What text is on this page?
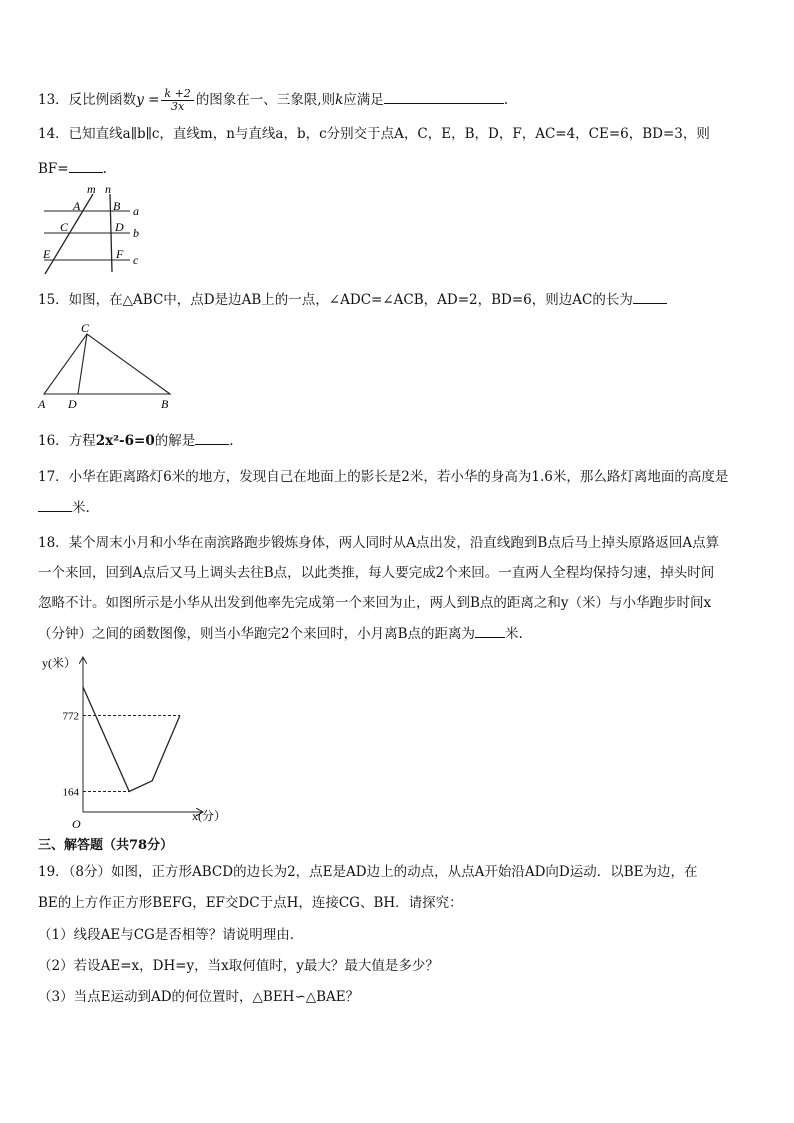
13．反比例函数$y = \frac{k +2}{3x}$ 的图象在一、三象限,则k应满足	.
14．已知直线a∥b∥c，直线m，n与直线a，b，c分别交于点A，C，E，B，D，F，AC=4，CE=6，BD=3，则
BF=	.
m n
A	B a
C	D b
E	F c
15．如图，在△ABC中，点D是边AB上的一点，∠ADC=∠ACB，AD=2，BD=6，则边AC的长为
C
A D	B
16．方程2x²-6=0的解是	.
17．小华在距离路灯6米的地方，发现自己在地面上的影长是2米，若小华的身高为1.6米，那么路灯离地面的高度是
米.
18．某个周末小月和小华在南滨路跑步锻炼身体，两人同时从A点出发，沿直线跑到B点后马上掉头原路返回A点算
一个来回，回到A点后又马上调头去往B点，以此类推，每人要完成2个来回。一直两人全程均保持匀速，掉头时间
忽略不计。如图所示是小华从出发到他率先完成第一个来回为止，两人到B点的距离之和y（米）与小华跑步时间x
（分钟）之间的函数图像，则当小华跑完2个来回时，小月离B点的距离为 米.
772
164
y(米）
x(分）
O
三、解答题（共78分）
19．（8分）如图，正方形ABCD的边长为2，点E是AD边上的动点，从点A开始沿AD向D运动．以BE为边，在
BE的上方作正方形BEFG，EF交DC于点H，连接CG、BH．请探究：
（1）线段AE与CG是否相等？请说明理由．
（2）若设AE=x，DH=y，当x取何值时，y最大？最大值是多少？
（3）当点E运动到AD的何位置时，△BEH∽△BAE？
